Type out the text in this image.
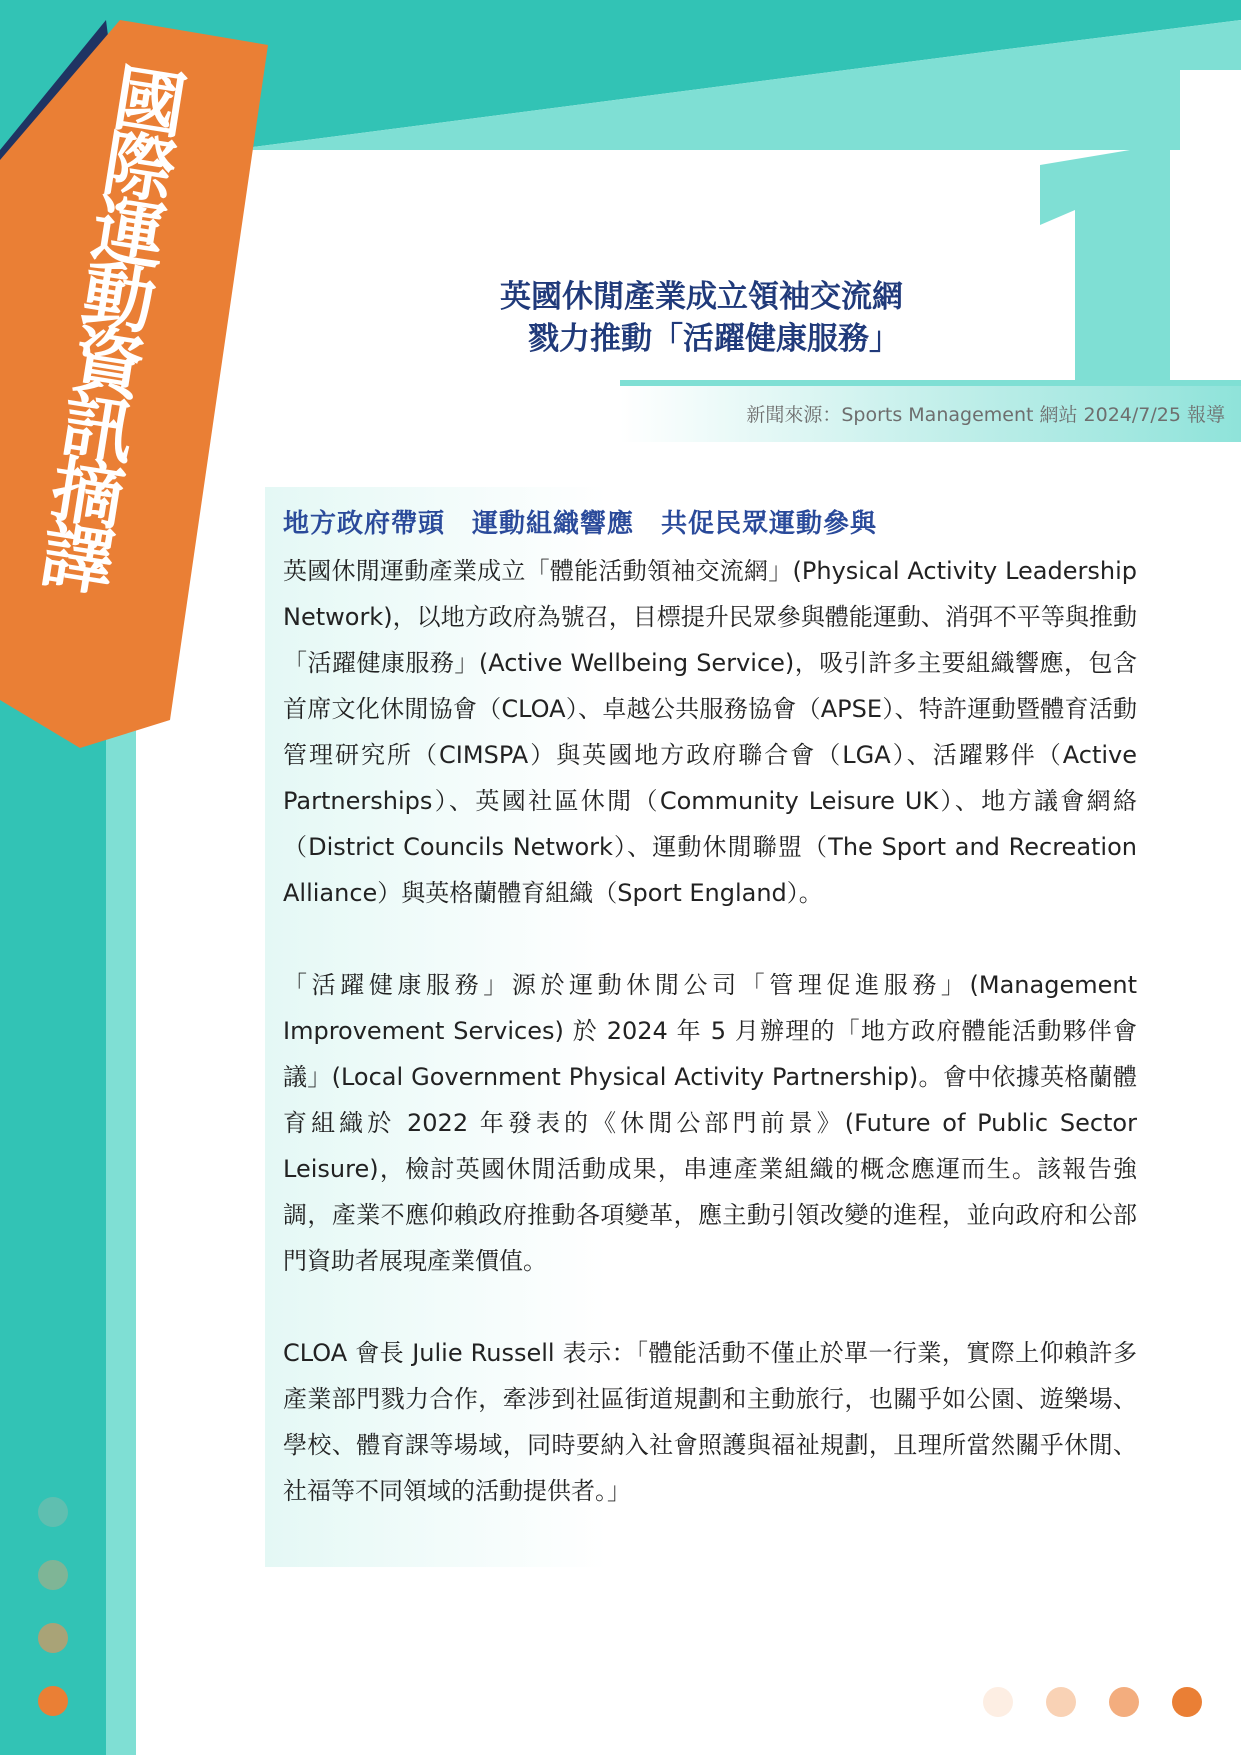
國際運動資訊摘譯
英國休閒產業成立領袖交流網
戮力推動「活躍健康服務」
新聞來源：Sports Management 網站 2024/7/25 報導
地方政府帶頭　運動組織響應　共促民眾運動參與

英國休閒運動產業成立「體能活動領袖交流網」(Physical Activity Leadership Network)，以地方政府為號召，目標提升民眾參與體能運動、消弭不平等與推動「活躍健康服務」(Active Wellbeing Service)，吸引許多主要組織響應，包含首席文化休閒協會（CLOA）、卓越公共服務協會（APSE）、特許運動暨體育活動管理研究所（CIMSPA）與英國地方政府聯合會（LGA）、活躍夥伴（Active Partnerships）、英國社區休閒（Community Leisure UK）、地方議會網絡（District Councils Network）、運動休閒聯盟（The Sport and Recreation Alliance）與英格蘭體育組織（Sport England）。

「活躍健康服務」源於運動休閒公司「管理促進服務」(Management Improvement Services) 於 2024 年 5 月辦理的「地方政府體能活動夥伴會議」(Local Government Physical Activity Partnership)。會中依據英格蘭體育組織於 2022 年發表的《休閒公部門前景》(Future of Public Sector Leisure)，檢討英國休閒活動成果，串連產業組織的概念應運而生。該報告強調，產業不應仰賴政府推動各項變革，應主動引領改變的進程，並向政府和公部門資助者展現產業價值。

CLOA 會長 Julie Russell 表示：「體能活動不僅止於單一行業，實際上仰賴許多產業部門戮力合作，牽涉到社區街道規劃和主動旅行，也關乎如公園、遊樂場、學校、體育課等場域，同時要納入社會照護與福祉規劃，且理所當然關乎休閒、社福等不同領域的活動提供者。」
